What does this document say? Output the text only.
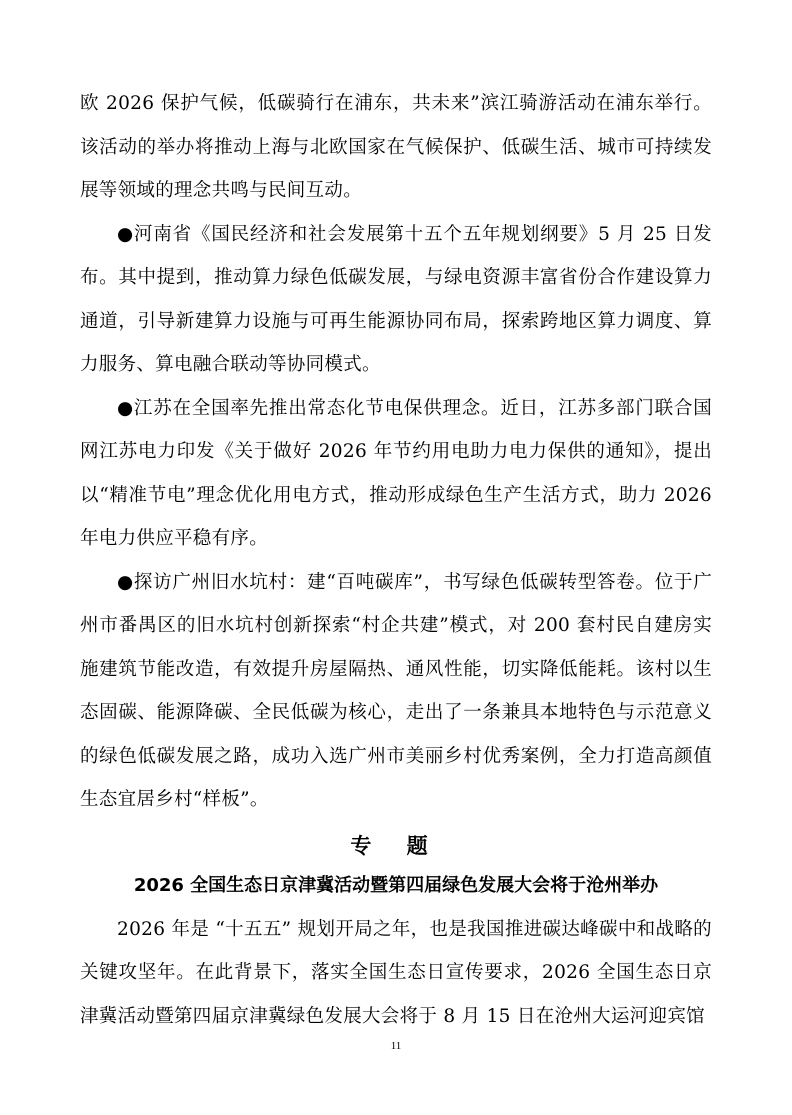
欧 2026 保护气候，低碳骑行在浦东，共未来”滨江骑游活动在浦东举行。该活动的举办将推动上海与北欧国家在气候保护、低碳生活、城市可持续发展等领域的理念共鸣与民间互动。

●河南省《国民经济和社会发展第十五个五年规划纲要》5 月 25 日发布。其中提到，推动算力绿色低碳发展，与绿电资源丰富省份合作建设算力通道，引导新建算力设施与可再生能源协同布局，探索跨地区算力调度、算力服务、算电融合联动等协同模式。

●江苏在全国率先推出常态化节电保供理念。近日，江苏多部门联合国网江苏电力印发《关于做好 2026 年节约用电助力电力保供的通知》，提出以“精准节电”理念优化用电方式，推动形成绿色生产生活方式，助力 2026 年电力供应平稳有序。

●探访广州旧水坑村：建“百吨碳库”，书写绿色低碳转型答卷。位于广州市番禺区的旧水坑村创新探索“村企共建”模式，对 200 套村民自建房实施建筑节能改造，有效提升房屋隔热、通风性能，切实降低能耗。该村以生态固碳、能源降碳、全民低碳为核心，走出了一条兼具本地特色与示范意义的绿色低碳发展之路，成功入选广州市美丽乡村优秀案例，全力打造高颜值生态宜居乡村“样板”。

专 题
2026 全国生态日京津冀活动暨第四届绿色发展大会将于沧州举办

2026 年是 “十五五” 规划开局之年，也是我国推进碳达峰碳中和战略的关键攻坚年。在此背景下，落实全国生态日宣传要求，2026 全国生态日京津冀活动暨第四届京津冀绿色发展大会将于 8 月 15 日在沧州大运河迎宾馆

11
